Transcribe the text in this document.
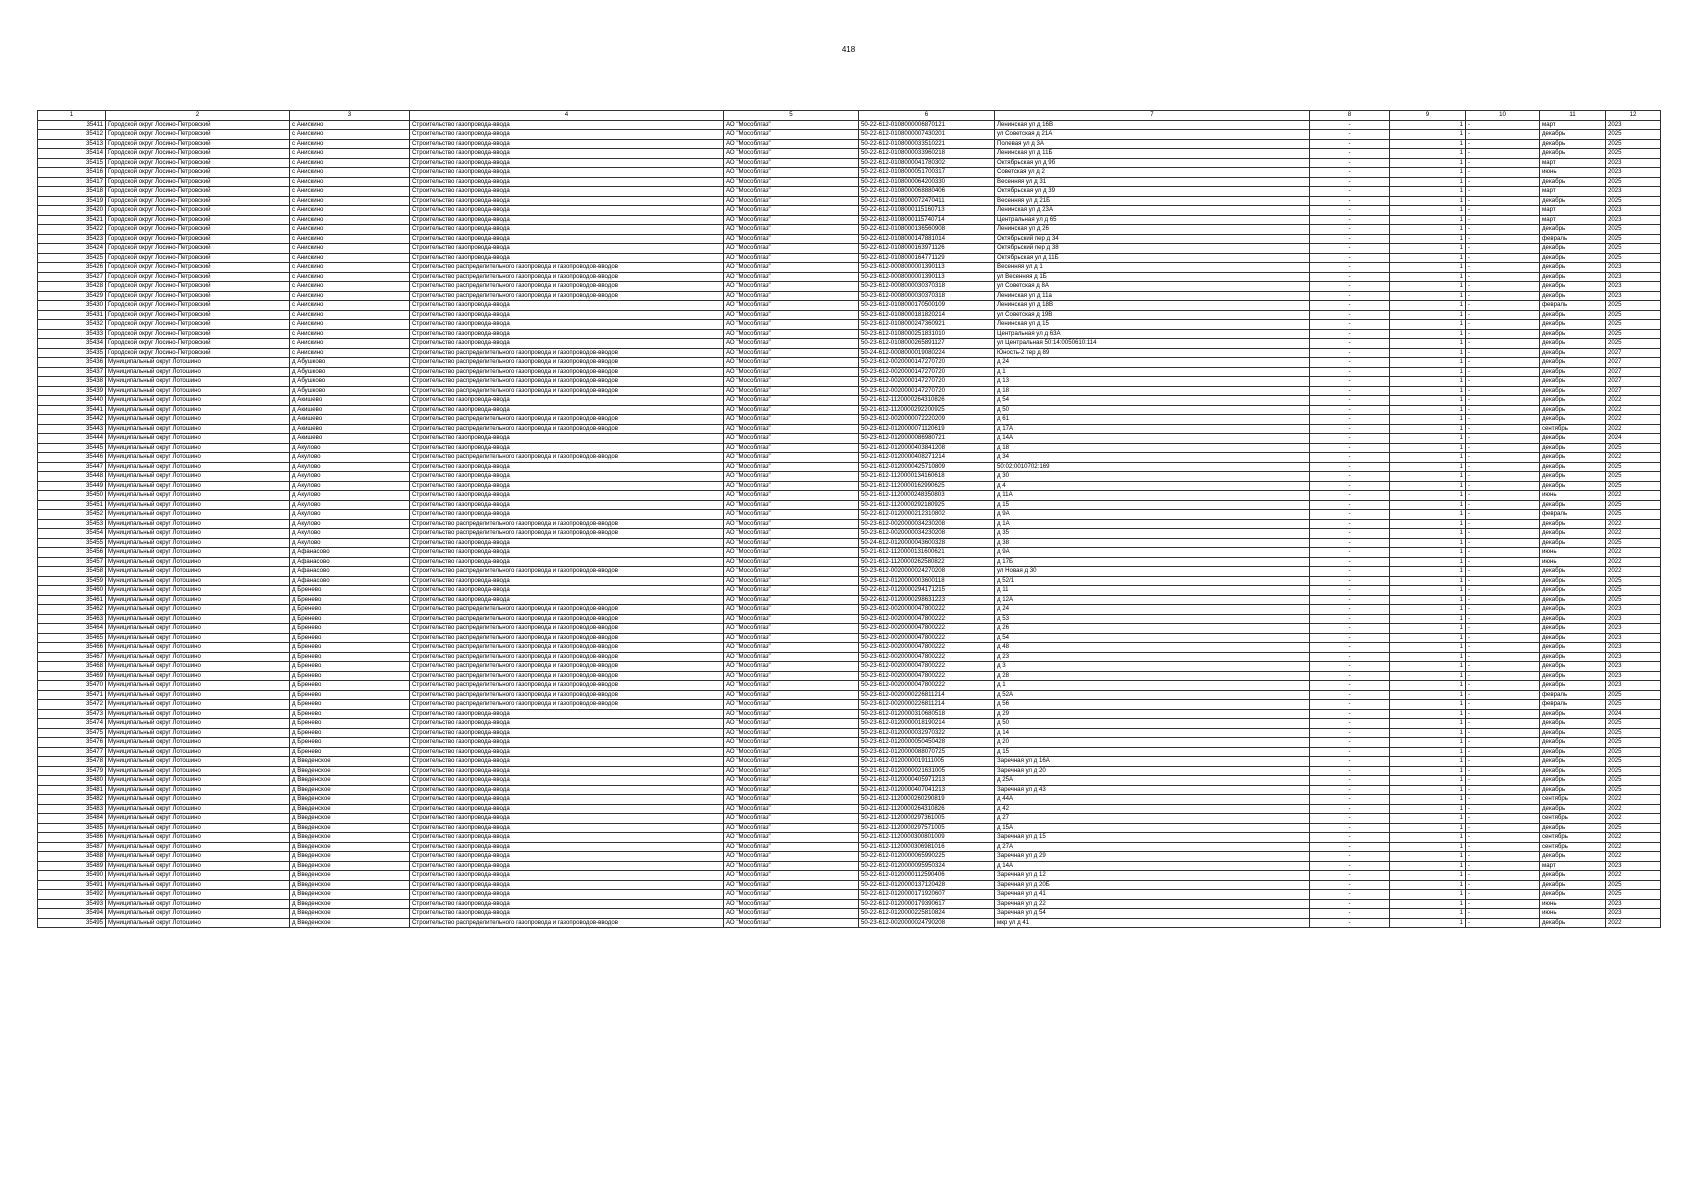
418
1	2	3	4	5	6	7	8	9	10	11	12
35411	Городской округ Лосино-Петровский	с Анискино	Строительство газопровода-ввода	АО "Мособлгаз"	50-22-612-0108000006870121	Ленинская ул д 16В	-	1	-	март	2023
35412	Городской округ Лосино-Петровский	с Анискино	Строительство газопровода-ввода	АО "Мособлгаз"	50-22-612-0108000007430201	ул Советская д 21А	-	1	-	декабрь	2025
35413	Городской округ Лосино-Петровский	с Анискино	Строительство газопровода-ввода	АО "Мособлгаз"	50-22-612-0108000033510221	Полевая ул д 3А	-	1	-	декабрь	2025
35414	Городской округ Лосино-Петровский	с Анискино	Строительство газопровода-ввода	АО "Мособлгаз"	50-22-612-0108000033960218	Ленинская ул д 11Б	-	1	-	декабрь	2025
35415	Городской округ Лосино-Петровский	с Анискино	Строительство газопровода-ввода	АО "Мособлгаз"	50-22-612-0108000041780302	Октябрьская ул д 9б	-	1	-	март	2023
35416	Городской округ Лосино-Петровский	с Анискино	Строительство газопровода-ввода	АО "Мособлгаз"	50-22-612-0108000051700317	Советская ул д 2	-	1	-	июнь	2023
35417	Городской округ Лосино-Петровский	с Анискино	Строительство газопровода-ввода	АО "Мособлгаз"	50-22-612-0108000064200330	Весенняя ул д 31	-	1	-	декабрь	2025
35418	Городской округ Лосино-Петровский	с Анискино	Строительство газопровода-ввода	АО "Мособлгаз"	50-22-612-0108000068880406	Октябрьская ул д 39	-	1	-	март	2023
35419	Городской округ Лосино-Петровский	с Анискино	Строительство газопровода-ввода	АО "Мособлгаз"	50-22-612-0108000072470411	Весенняя ул д 21Б	-	1	-	декабрь	2025
35420	Городской округ Лосино-Петровский	с Анискино	Строительство газопровода-ввода	АО "Мособлгаз"	50-22-612-0108000115160713	Ленинская ул д 23А	-	1	-	март	2023
35421	Городской округ Лосино-Петровский	с Анискино	Строительство газопровода-ввода	АО "Мособлгаз"	50-22-612-0108000115740714	Центральная ул д 65	-	1	-	март	2023
35422	Городской округ Лосино-Петровский	с Анискино	Строительство газопровода-ввода	АО "Мособлгаз"	50-22-612-0108000136560908	Ленинская ул д 26	-	1	-	декабрь	2025
35423	Городской округ Лосино-Петровский	с Анискино	Строительство газопровода-ввода	АО "Мособлгаз"	50-22-612-0108000147881014	Октябрьский пер д 34	-	1	-	февраль	2025
35424	Городской округ Лосино-Петровский	с Анискино	Строительство газопровода-ввода	АО "Мособлгаз"	50-22-612-0108000163971126	Октябрьский пер д 38	-	1	-	декабрь	2025
35425	Городской округ Лосино-Петровский	с Анискино	Строительство газопровода-ввода	АО "Мособлгаз"	50-22-612-0108000164771129	Октябрьская ул д 11Б	-	1	-	декабрь	2025
35426	Городской округ Лосино-Петровский	с Анискино	Строительство распределительного газопровода и газопроводов-вводов	АО "Мособлгаз"	50-23-612-0008000001390113	Весенняя ул д 1	-	1	-	декабрь	2023
35427	Городской округ Лосино-Петровский	с Анискино	Строительство распределительного газопровода и газопроводов-вводов	АО "Мособлгаз"	50-23-612-0008000001390113	ул Весенняя д 1Б	-	1	-	декабрь	2023
35428	Городской округ Лосино-Петровский	с Анискино	Строительство распределительного газопровода и газопроводов-вводов	АО "Мособлгаз"	50-23-612-0008000030370318	ул Советская д 8А	-	1	-	декабрь	2023
35429	Городской округ Лосино-Петровский	с Анискино	Строительство распределительного газопровода и газопроводов-вводов	АО "Мособлгаз"	50-23-612-0008000030370318	Ленинская ул д 11а	-	1	-	декабрь	2023
35430	Городской округ Лосино-Петровский	с Анискино	Строительство газопровода-ввода	АО "Мособлгаз"	50-23-612-0108000170500109	Ленинская ул д 18В	-	1	-	февраль	2025
35431	Городской округ Лосино-Петровский	с Анискино	Строительство газопровода-ввода	АО "Мособлгаз"	50-23-612-0108000181820214	ул Советская д 19В	-	1	-	декабрь	2025
35432	Городской округ Лосино-Петровский	с Анискино	Строительство газопровода-ввода	АО "Мособлгаз"	50-23-612-0108000247360921	Ленинская ул д 15	-	1	-	декабрь	2025
35433	Городской округ Лосино-Петровский	с Анискино	Строительство газопровода-ввода	АО "Мособлгаз"	50-23-612-0108000251831010	Центральная ул д 63А	-	1	-	декабрь	2025
35434	Городской округ Лосино-Петровский	с Анискино	Строительство газопровода-ввода	АО "Мособлгаз"	50-23-612-0108000265891127	ул Центральная 50:14:0050610:114	-	1	-	декабрь	2025
35435	Городской округ Лосино-Петровский	с Анискино	Строительство распределительного газопровода и газопроводов-вводов	АО "Мособлгаз"	50-24-612-0008000019080224	Юность-2 тер д 89	-	1	-	декабрь	2027
35436	Муниципальный округ Лотошино	д Абушково	Строительство распределительного газопровода и газопроводов-вводов	АО "Мособлгаз"	50-23-612-0020000147270720	д 24	-	1	-	декабрь	2027
35437	Муниципальный округ Лотошино	д Абушково	Строительство распределительного газопровода и газопроводов-вводов	АО "Мособлгаз"	50-23-612-0020000147270720	д 1	-	1	-	декабрь	2027
35438	Муниципальный округ Лотошино	д Абушково	Строительство распределительного газопровода и газопроводов-вводов	АО "Мособлгаз"	50-23-612-0020000147270720	д 13	-	1	-	декабрь	2027
35439	Муниципальный округ Лотошино	д Абушково	Строительство распределительного газопровода и газопроводов-вводов	АО "Мособлгаз"	50-23-612-0020000147270720	д 18	-	1	-	декабрь	2027
35440	Муниципальный округ Лотошино	д Акишево	Строительство газопровода-ввода	АО "Мособлгаз"	50-21-612-1120000264310826	д 54	-	1	-	декабрь	2022
35441	Муниципальный округ Лотошино	д Акишево	Строительство газопровода-ввода	АО "Мособлгаз"	50-21-612-1120000292200925	д 50	-	1	-	декабрь	2022
35442	Муниципальный округ Лотошино	д Акишево	Строительство распределительного газопровода и газопроводов-вводов	АО "Мособлгаз"	50-23-612-0020000072220209	д 61	-	1	-	декабрь	2022
35443	Муниципальный округ Лотошино	д Акишево	Строительство распределительного газопровода и газопроводов-вводов	АО "Мособлгаз"	50-23-612-0120000071120619	д 17А	-	1	-	сентябрь	2022
35444	Муниципальный округ Лотошино	д Акишево	Строительство газопровода-ввода	АО "Мособлгаз"	50-23-612-0120000086980721	д 14А	-	1	-	декабрь	2024
35445	Муниципальный округ Лотошино	д Акулово	Строительство газопровода-ввода	АО "Мособлгаз"	50-21-612-0120000403841208	д 18	-	1	-	декабрь	2025
35446	Муниципальный округ Лотошино	д Акулово	Строительство распределительного газопровода и газопроводов-вводов	АО "Мособлгаз"	50-21-612-0120000408271214	д 34	-	1	-	декабрь	2022
35447	Муниципальный округ Лотошино	д Акулово	Строительство газопровода-ввода	АО "Мособлгаз"	50-21-612-0120000425710809	50:02:0010702:169	-	1	-	декабрь	2025
35448	Муниципальный округ Лотошино	д Акулово	Строительство газопровода-ввода	АО "Мособлгаз"	50-21-612-1120000134160618	д 30	-	1	-	декабрь	2025
35449	Муниципальный округ Лотошино	д Акулово	Строительство газопровода-ввода	АО "Мособлгаз"	50-21-612-1120000162990625	д 4	-	1	-	декабрь	2025
35450	Муниципальный округ Лотошино	д Акулово	Строительство газопровода-ввода	АО "Мособлгаз"	50-21-612-1120000248350803	д 11А	-	1	-	июнь	2022
35451	Муниципальный округ Лотошино	д Акулово	Строительство газопровода-ввода	АО "Мособлгаз"	50-21-612-1120000292180925	д 15	-	1	-	декабрь	2025
35452	Муниципальный округ Лотошино	д Акулово	Строительство газопровода-ввода	АО "Мособлгаз"	50-22-612-0120000212310802	д 9А	-	1	-	февраль	2025
35453	Муниципальный округ Лотошино	д Акулово	Строительство распределительного газопровода и газопроводов-вводов	АО "Мособлгаз"	50-23-612-0020000034230208	д 1А	-	1	-	декабрь	2022
35454	Муниципальный округ Лотошино	д Акулово	Строительство распределительного газопровода и газопроводов-вводов	АО "Мособлгаз"	50-23-612-0020000034230208	д 35	-	1	-	декабрь	2022
35455	Муниципальный округ Лотошино	д Акулово	Строительство газопровода-ввода	АО "Мособлгаз"	50-24-612-0120000043600328	д 38	-	1	-	декабрь	2025
35456	Муниципальный округ Лотошино	д Афанасово	Строительство газопровода-ввода	АО "Мособлгаз"	50-21-612-1120000131600621	д 9А	-	1	-	июнь	2022
35457	Муниципальный округ Лотошино	д Афанасово	Строительство газопровода-ввода	АО "Мособлгаз"	50-21-612-1120000262580822	д 17Б	-	1	-	июнь	2022
35458	Муниципальный округ Лотошино	д Афанасово	Строительство распределительного газопровода и газопроводов-вводов	АО "Мособлгаз"	50-23-612-0020000024270208	ул Новая д 30	-	1	-	декабрь	2022
35459	Муниципальный округ Лотошино	д Афанасово	Строительство газопровода-ввода	АО "Мособлгаз"	50-23-612-0120000003600118	д 52/1	-	1	-	декабрь	2025
35460	Муниципальный округ Лотошино	д Бренево	Строительство газопровода-ввода	АО "Мособлгаз"	50-22-612-0120000294171215	д 11	-	1	-	декабрь	2025
35461	Муниципальный округ Лотошино	д Бренево	Строительство газопровода-ввода	АО "Мособлгаз"	50-22-612-0120000298631223	д 12А	-	1	-	декабрь	2025
35462	Муниципальный округ Лотошино	д Бренево	Строительство распределительного газопровода и газопроводов-вводов	АО "Мособлгаз"	50-23-612-0020000047800222	д 24	-	1	-	декабрь	2023
35463	Муниципальный округ Лотошино	д Бренево	Строительство распределительного газопровода и газопроводов-вводов	АО "Мособлгаз"	50-23-612-0020000047800222	д 53	-	1	-	декабрь	2023
35464	Муниципальный округ Лотошино	д Бренево	Строительство распределительного газопровода и газопроводов-вводов	АО "Мособлгаз"	50-23-612-0020000047800222	д 26	-	1	-	декабрь	2023
35465	Муниципальный округ Лотошино	д Бренево	Строительство распределительного газопровода и газопроводов-вводов	АО "Мособлгаз"	50-23-612-0020000047800222	д 54	-	1	-	декабрь	2023
35466	Муниципальный округ Лотошино	д Бренево	Строительство распределительного газопровода и газопроводов-вводов	АО "Мособлгаз"	50-23-612-0020000047800222	д 48	-	1	-	декабрь	2023
35467	Муниципальный округ Лотошино	д Бренево	Строительство распределительного газопровода и газопроводов-вводов	АО "Мособлгаз"	50-23-612-0020000047800222	д 23	-	1	-	декабрь	2023
35468	Муниципальный округ Лотошино	д Бренево	Строительство распределительного газопровода и газопроводов-вводов	АО "Мособлгаз"	50-23-612-0020000047800222	д 3	-	1	-	декабрь	2023
35469	Муниципальный округ Лотошино	д Бренево	Строительство распределительного газопровода и газопроводов-вводов	АО "Мособлгаз"	50-23-612-0020000047800222	д 28	-	1	-	декабрь	2023
35470	Муниципальный округ Лотошино	д Бренево	Строительство распределительного газопровода и газопроводов-вводов	АО "Мособлгаз"	50-23-612-0020000047800222	д 1	-	1	-	декабрь	2023
35471	Муниципальный округ Лотошино	д Бренево	Строительство распределительного газопровода и газопроводов-вводов	АО "Мособлгаз"	50-23-612-0020000226811214	д 52А	-	1	-	февраль	2025
35472	Муниципальный округ Лотошино	д Бренево	Строительство распределительного газопровода и газопроводов-вводов	АО "Мособлгаз"	50-23-612-0020000226811214	д 56	-	1	-	февраль	2025
35473	Муниципальный округ Лотошино	д Бренево	Строительство газопровода-ввода	АО "Мособлгаз"	50-23-612-0120000310680518	д 29	-	1	-	декабрь	2024
35474	Муниципальный округ Лотошино	д Бренево	Строительство газопровода-ввода	АО "Мособлгаз"	50-23-612-0120000018190214	д 50	-	1	-	декабрь	2025
35475	Муниципальный округ Лотошино	д Бренево	Строительство газопровода-ввода	АО "Мособлгаз"	50-23-612-0120000032970322	д 14	-	1	-	декабрь	2025
35476	Муниципальный округ Лотошино	д Бренево	Строительство газопровода-ввода	АО "Мособлгаз"	50-23-612-0120000050450428	д 20	-	1	-	декабрь	2025
35477	Муниципальный округ Лотошино	д Бренево	Строительство газопровода-ввода	АО "Мособлгаз"	50-23-612-0120000088070725	д 15	-	1	-	декабрь	2025
35478	Муниципальный округ Лотошино	д Введенское	Строительство газопровода-ввода	АО "Мособлгаз"	50-21-612-0120000019111005	Заречная ул д 16А	-	1	-	декабрь	2025
35479	Муниципальный округ Лотошино	д Введенское	Строительство газопровода-ввода	АО "Мособлгаз"	50-21-612-0120000021631005	Заречная ул д 20	-	1	-	декабрь	2025
35480	Муниципальный округ Лотошино	д Введенское	Строительство газопровода-ввода	АО "Мособлгаз"	50-21-612-0120000405971213	д 25А	-	1	-	декабрь	2025
35481	Муниципальный округ Лотошино	д Введенское	Строительство газопровода-ввода	АО "Мособлгаз"	50-21-612-0120000407041213	Заречная ул д 43	-	1	-	декабрь	2025
35482	Муниципальный округ Лотошино	д Введенское	Строительство газопровода-ввода	АО "Мособлгаз"	50-21-612-1120000260290819	д 44А	-	1	-	сентябрь	2022
35483	Муниципальный округ Лотошино	д Введенское	Строительство газопровода-ввода	АО "Мособлгаз"	50-21-612-1120000264310826	д 42	-	1	-	декабрь	2022
35484	Муниципальный округ Лотошино	д Введенское	Строительство газопровода-ввода	АО "Мособлгаз"	50-21-612-1120000297361005	д 27	-	1	-	сентябрь	2022
35485	Муниципальный округ Лотошино	д Введенское	Строительство газопровода-ввода	АО "Мособлгаз"	50-21-612-1120000297571005	д 15А	-	1	-	декабрь	2025
35486	Муниципальный округ Лотошино	д Введенское	Строительство газопровода-ввода	АО "Мособлгаз"	50-21-612-1120000300801009	Заречная ул д 15	-	1	-	сентябрь	2022
35487	Муниципальный округ Лотошино	д Введенское	Строительство газопровода-ввода	АО "Мособлгаз"	50-21-612-1120000306981016	д 27А	-	1	-	сентябрь	2022
35488	Муниципальный округ Лотошино	д Введенское	Строительство газопровода-ввода	АО "Мособлгаз"	50-22-612-0120000065990225	Заречная ул д 29	-	1	-	декабрь	2022
35489	Муниципальный округ Лотошино	д Введенское	Строительство газопровода-ввода	АО "Мособлгаз"	50-22-612-0120000095950324	д 14А	-	1	-	март	2023
35490	Муниципальный округ Лотошино	д Введенское	Строительство газопровода-ввода	АО "Мособлгаз"	50-22-612-0120000112590406	Заречная ул д 12	-	1	-	декабрь	2022
35491	Муниципальный округ Лотошино	д Введенское	Строительство газопровода-ввода	АО "Мособлгаз"	50-22-612-0120000137120428	Заречная ул д 20Б	-	1	-	декабрь	2025
35492	Муниципальный округ Лотошино	д Введенское	Строительство газопровода-ввода	АО "Мособлгаз"	50-22-612-0120000171920607	Заречная ул д 41	-	1	-	декабрь	2025
35493	Муниципальный округ Лотошино	д Введенское	Строительство газопровода-ввода	АО "Мособлгаз"	50-22-612-0120000179390617	Заречная ул д 22	-	1	-	июнь	2023
35494	Муниципальный округ Лотошино	д Введенское	Строительство газопровода-ввода	АО "Мособлгаз"	50-22-612-0120000225810824	Заречная ул д 54	-	1	-	июнь	2023
35495	Муниципальный округ Лотошино	д Введенское	Строительство распределительного газопровода и газопроводов-вводов	АО "Мособлгаз"	50-23-612-0020000024790208	мкр ул д 41	-	1	-	декабрь	2022
